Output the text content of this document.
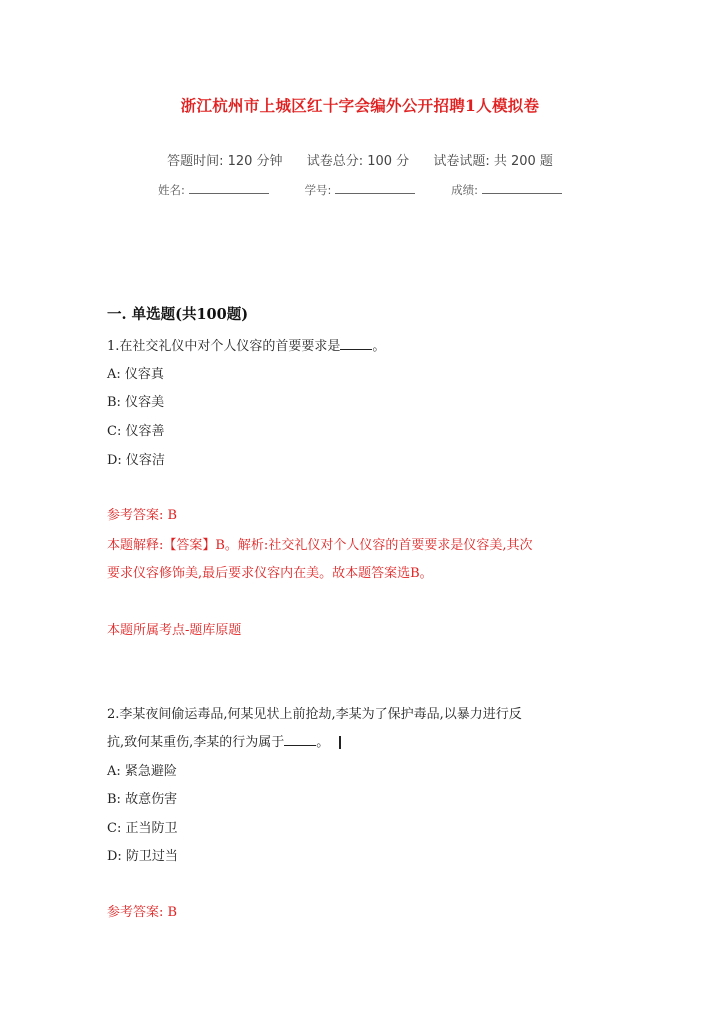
浙江杭州市上城区红十字会编外公开招聘1人模拟卷
答题时间: 120 分钟 试卷总分: 100 分 试卷试题: 共 200 题
姓名:	学号:	成绩:
一. 单选题(共100题)
1.在社交礼仪中对个人仪容的首要要求是 。
A: 仪容真
B: 仪容美
C: 仪容善
D: 仪容洁
参考答案: B
本题解释:【答案】B。解析:社交礼仪对个人仪容的首要要求是仪容美,其次
要求仪容修饰美,最后要求仪容内在美。故本题答案选B。
本题所属考点-题库原题
2.李某夜间偷运毒品,何某见状上前抢劫,李某为了保护毒品,以暴力进行反
抗,致何某重伤,李某的行为属于 。
A: 紧急避险
B: 故意伤害
C: 正当防卫
D: 防卫过当
参考答案: B
